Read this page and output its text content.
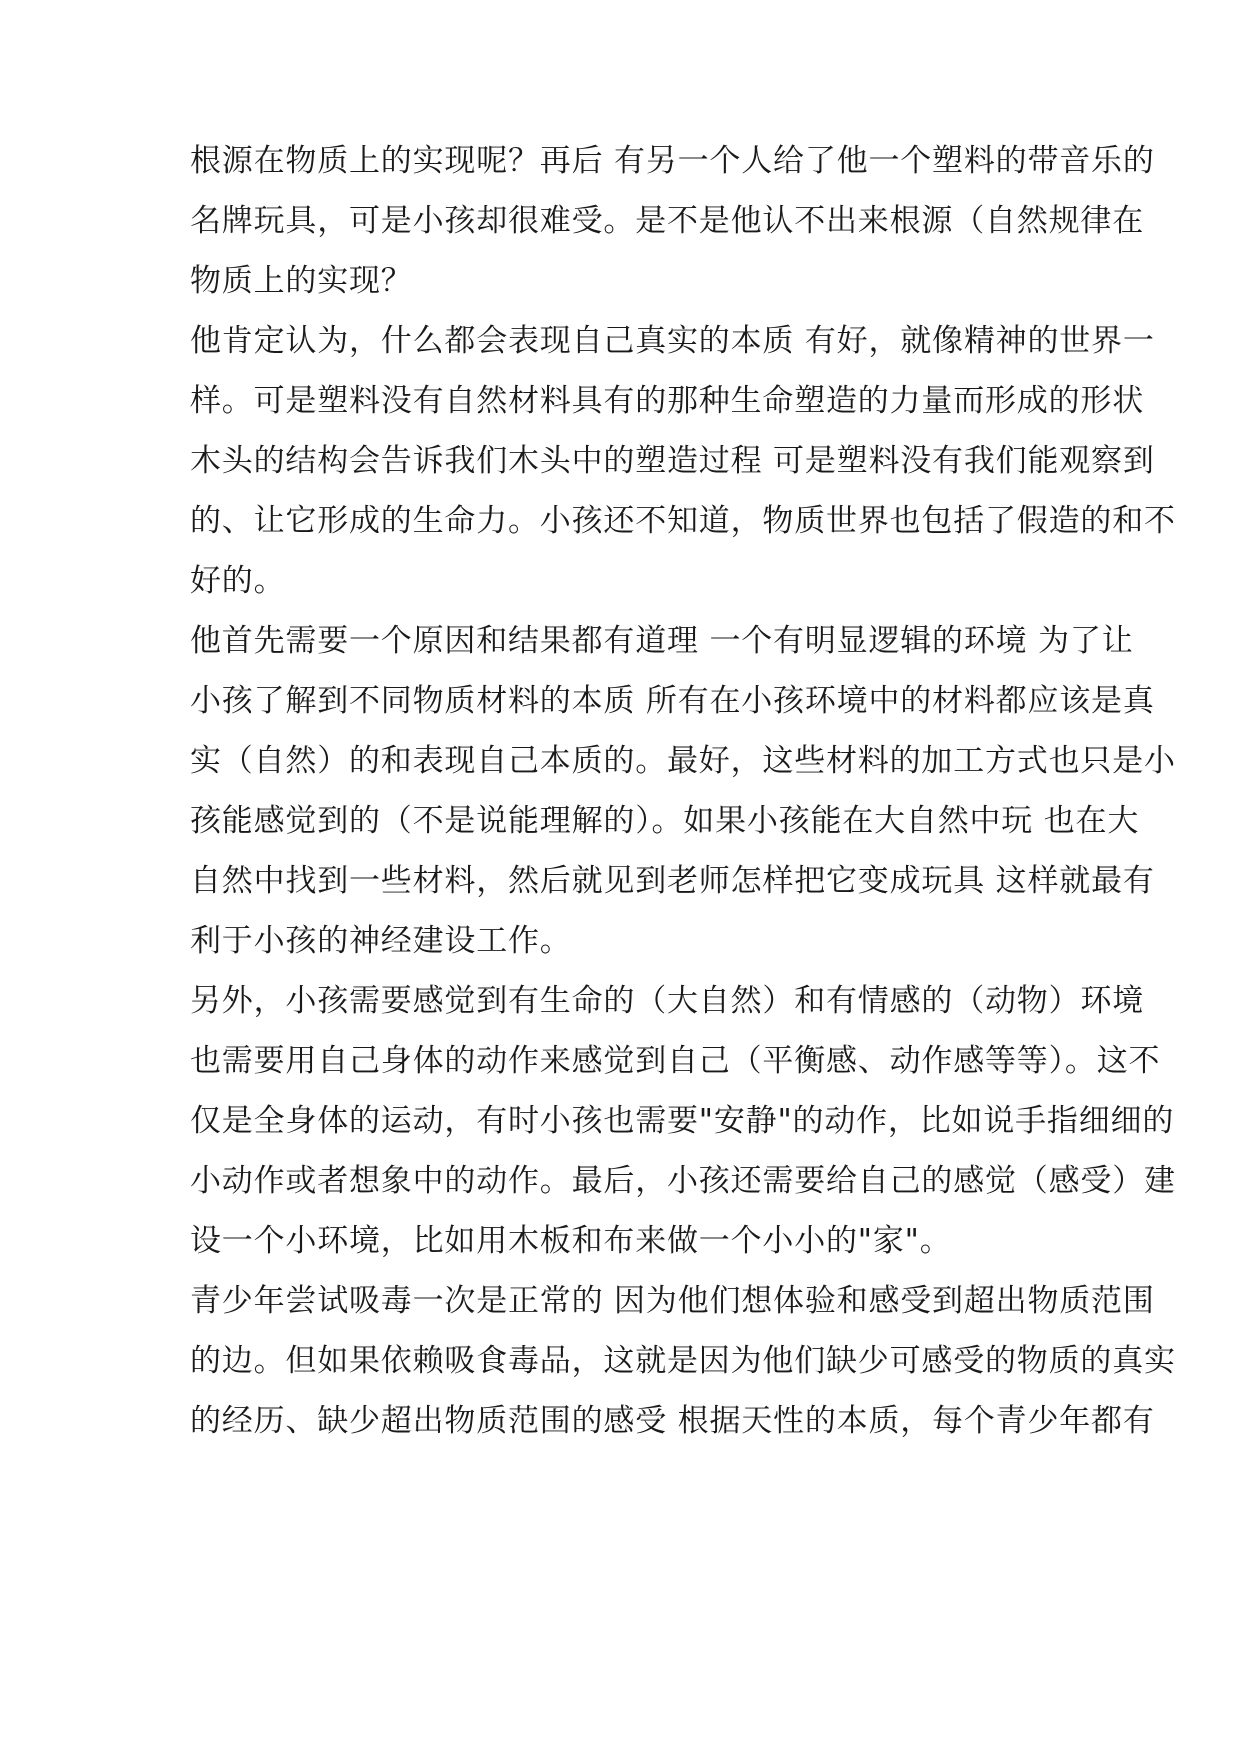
根源在物质上的实现呢？再后 有另一个人给了他一个塑料的带音乐的
名牌玩具，可是小孩却很难受。是不是他认不出来根源（自然规律在
物质上的实现？
他肯定认为，什么都会表现自己真实的本质 有好，就像精神的世界一
样。可是塑料没有自然材料具有的那种生命塑造的力量而形成的形状
木头的结构会告诉我们木头中的塑造过程 可是塑料没有我们能观察到
的、让它形成的生命力。小孩还不知道，物质世界也包括了假造的和不
好的。
他首先需要一个原因和结果都有道理 一个有明显逻辑的环境 为了让
小孩了解到不同物质材料的本质 所有在小孩环境中的材料都应该是真
实（自然）的和表现自己本质的。最好，这些材料的加工方式也只是小
孩能感觉到的（不是说能理解的）。如果小孩能在大自然中玩 也在大
自然中找到一些材料，然后就见到老师怎样把它变成玩具 这样就最有
利于小孩的神经建设工作。
另外，小孩需要感觉到有生命的（大自然）和有情感的（动物）环境
也需要用自己身体的动作来感觉到自己（平衡感、动作感等等）。这不
仅是全身体的运动，有时小孩也需要"安静"的动作，比如说手指细细的
小动作或者想象中的动作。最后，小孩还需要给自己的感觉（感受）建
设一个小环境，比如用木板和布来做一个小小的"家"。
青少年尝试吸毒一次是正常的 因为他们想体验和感受到超出物质范围
的边。但如果依赖吸食毒品，这就是因为他们缺少可感受的物质的真实
的经历、缺少超出物质范围的感受 根据天性的本质，每个青少年都有
